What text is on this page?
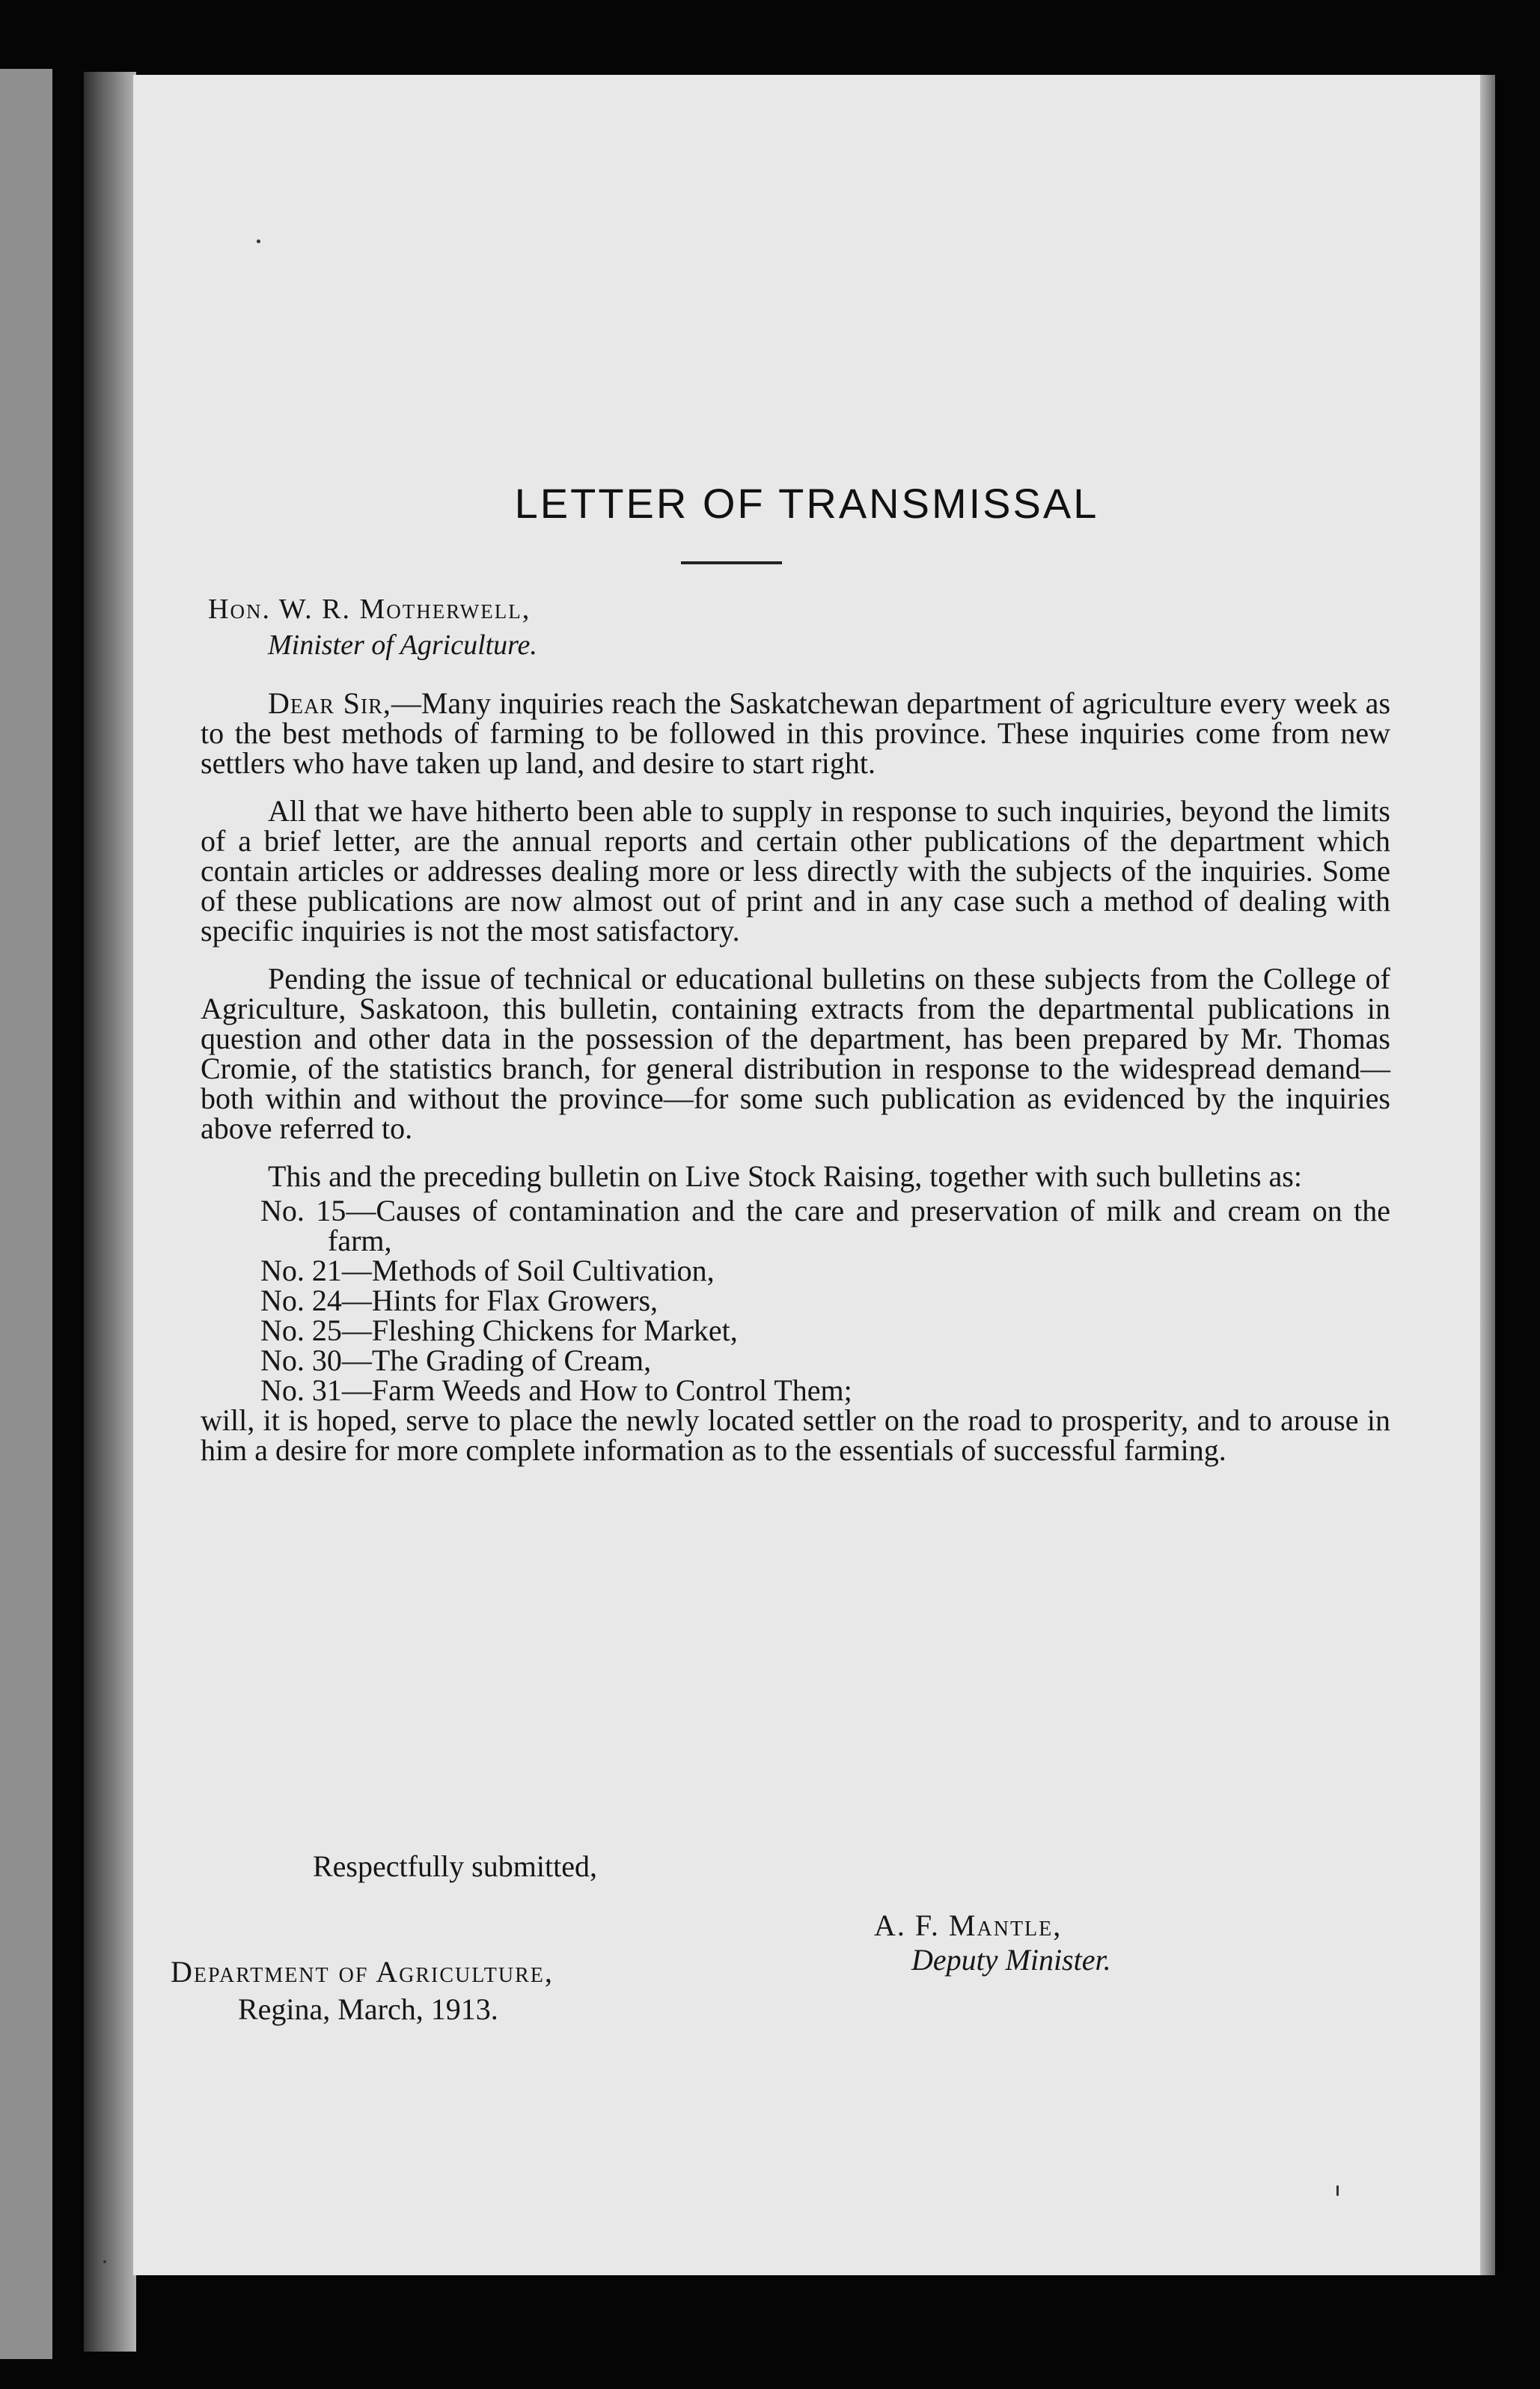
LETTER OF TRANSMISSAL
Hon. W. R. Motherwell,
Minister of Agriculture.

Dear Sir,—Many inquiries reach the Saskatchewan department of agriculture every week as to the best methods of farming to be followed in this province. These inquiries come from new settlers who have taken up land, and desire to start right.

All that we have hitherto been able to supply in response to such inquiries, beyond the limits of a brief letter, are the annual reports and certain other publications of the department which contain articles or addresses dealing more or less directly with the subjects of the inquiries. Some of these publications are now almost out of print and in any case such a method of dealing with specific inquiries is not the most satisfactory.

Pending the issue of technical or educational bulletins on these subjects from the College of Agriculture, Saskatoon, this bulletin, containing extracts from the departmental publications in question and other data in the possession of the department, has been prepared by Mr. Thomas Cromie, of the statistics branch, for general distribution in response to the widespread demand—both within and without the province—for some such publication as evidenced by the inquiries above referred to.

This and the preceding bulletin on Live Stock Raising, together with such bulletins as:

No. 15—Causes of contamination and the care and preservation of milk and cream on the farm,
No. 21—Methods of Soil Cultivation,
No. 24—Hints for Flax Growers,
No. 25—Fleshing Chickens for Market,
No. 30—The Grading of Cream,
No. 31—Farm Weeds and How to Control Them;

will, it is hoped, serve to place the newly located settler on the road to prosperity, and to arouse in him a desire for more complete information as to the essentials of successful farming.

Respectfully submitted,
A. F. Mantle,
Deputy Minister.
Department of Agriculture,
Regina, March, 1913.
